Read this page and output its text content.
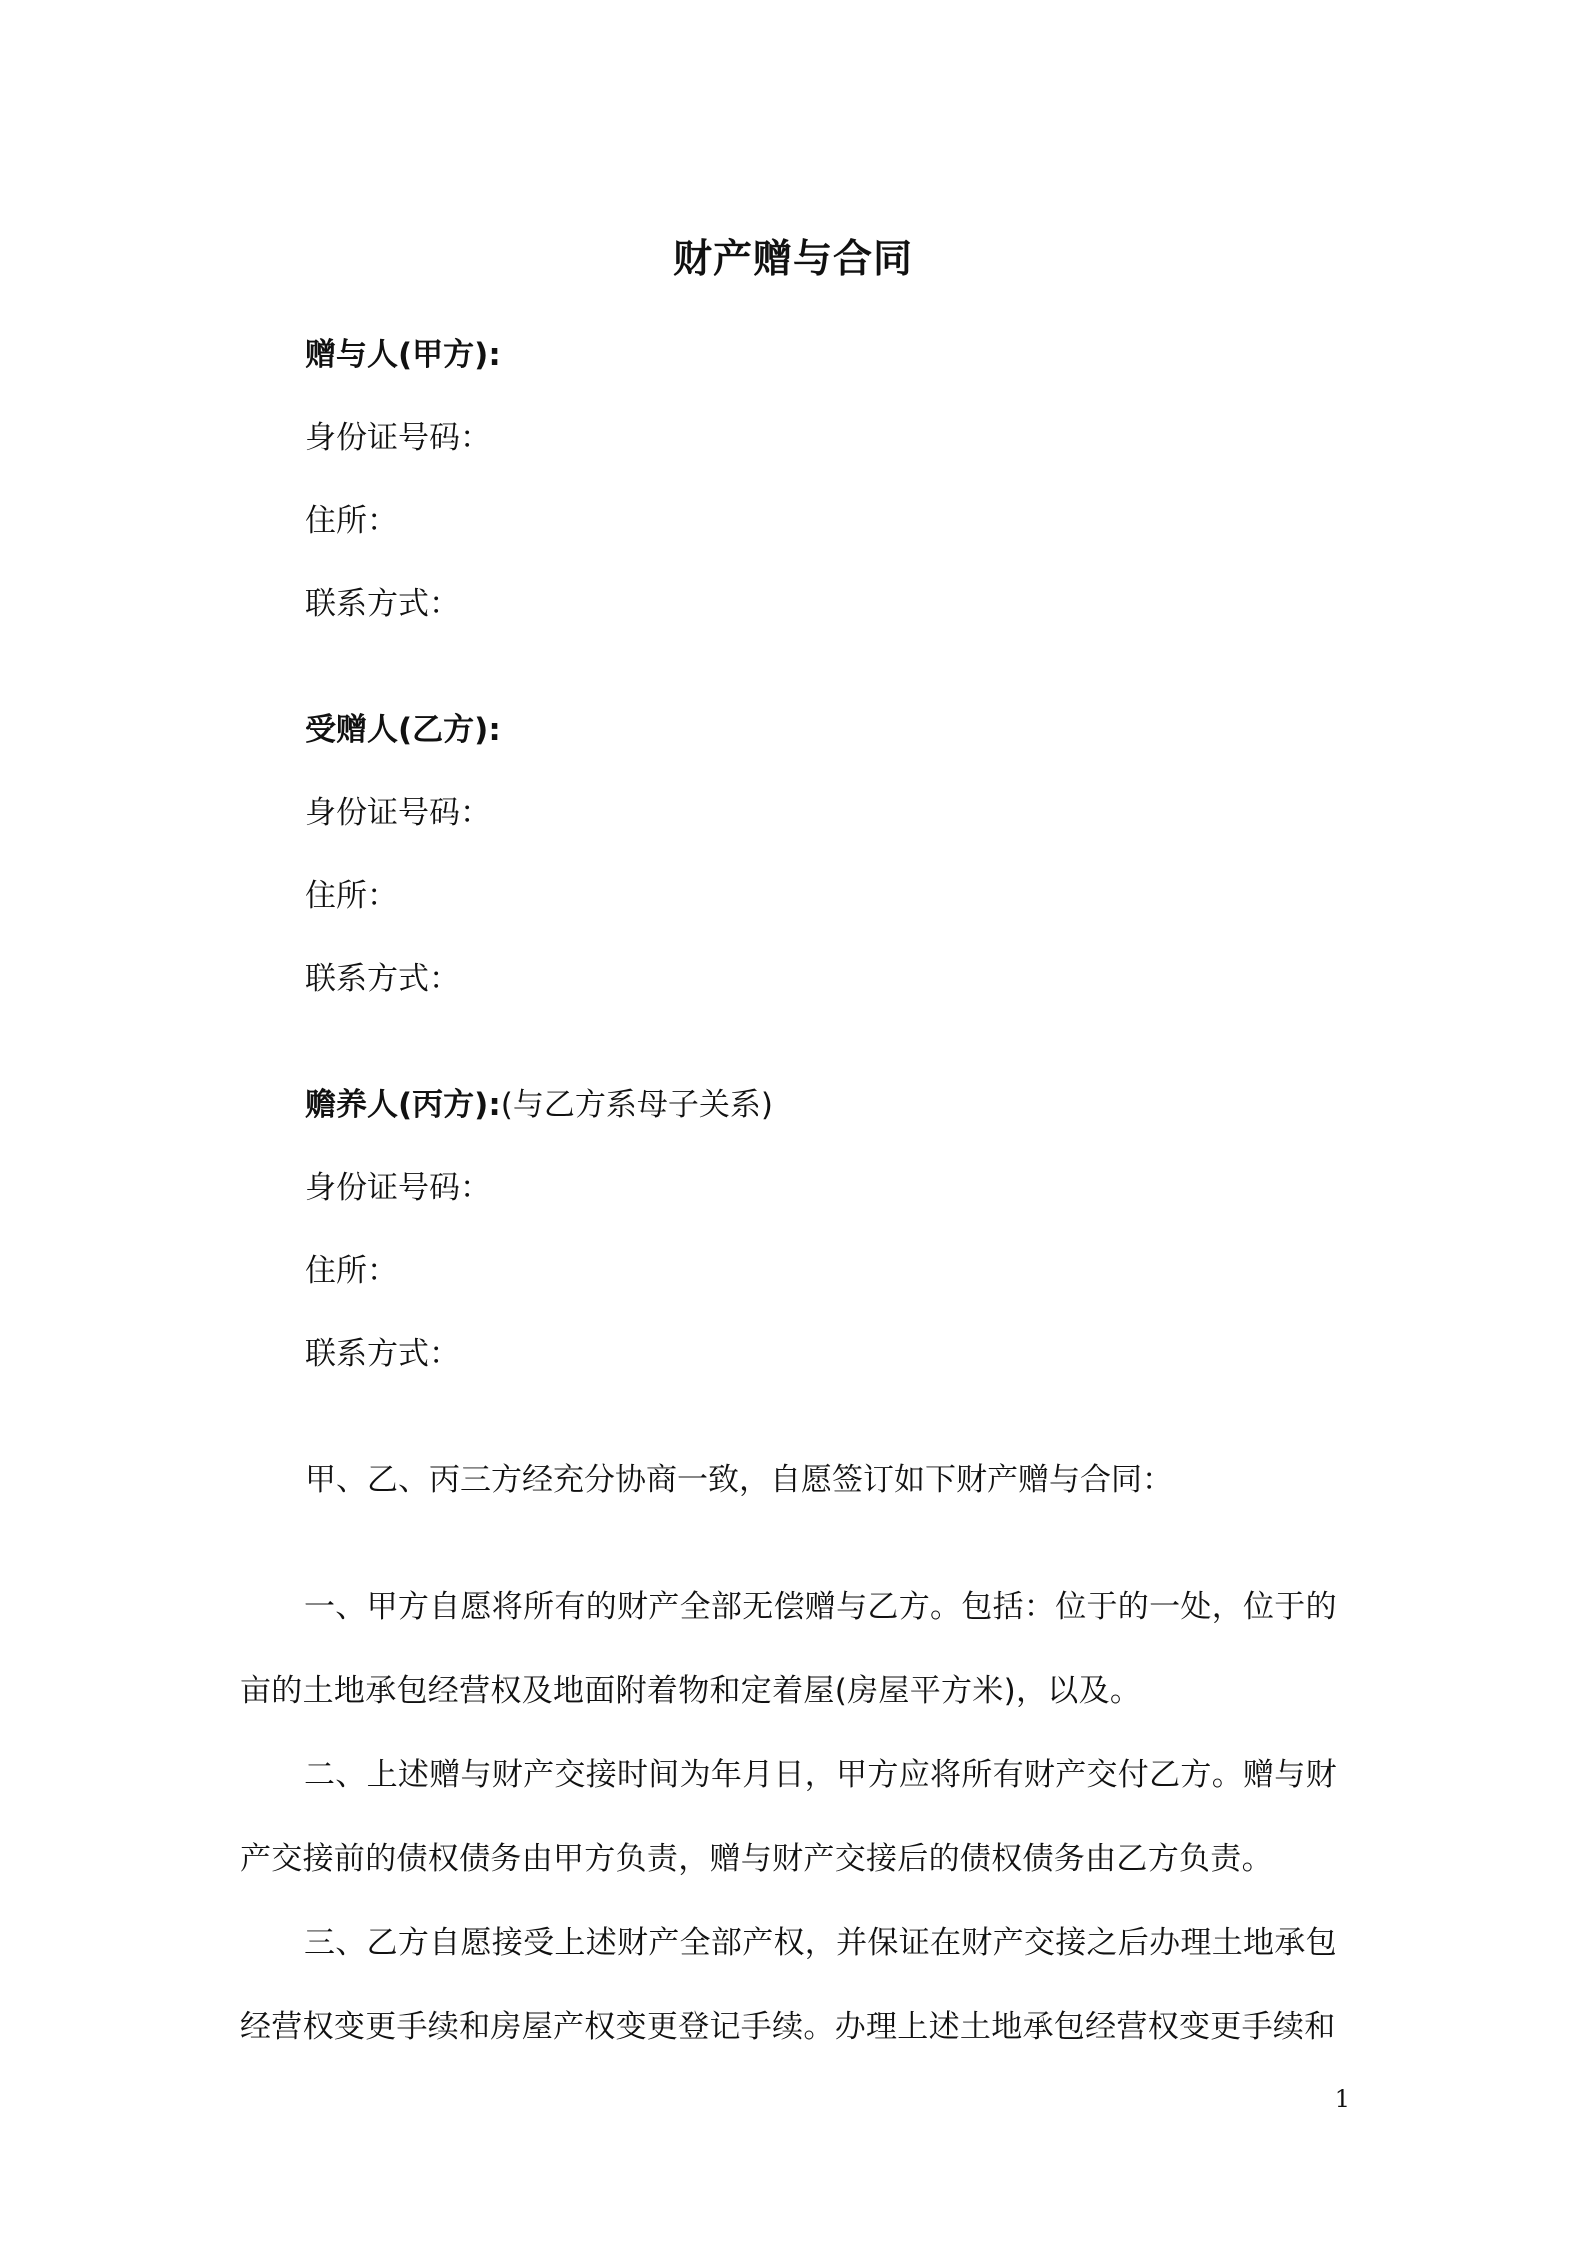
财产赠与合同
赠与人(甲方):
身份证号码：
住所：
联系方式：
受赠人(乙方):
身份证号码：
住所：
联系方式：
赡养人(丙方):(与乙方系母子关系)
身份证号码：
住所：
联系方式：
甲、乙、丙三方经充分协商一致，自愿签订如下财产赠与合同：
一、甲方自愿将所有的财产全部无偿赠与乙方。包括：位于的一处，位于的亩的土地承包经营权及地面附着物和定着屋(房屋平方米)，以及。
二、上述赠与财产交接时间为年月日，甲方应将所有财产交付乙方。赠与财产交接前的债权债务由甲方负责，赠与财产交接后的债权债务由乙方负责。
三、乙方自愿接受上述财产全部产权，并保证在财产交接之后办理土地承包经营权变更手续和房屋产权变更登记手续。办理上述土地承包经营权变更手续和
1
